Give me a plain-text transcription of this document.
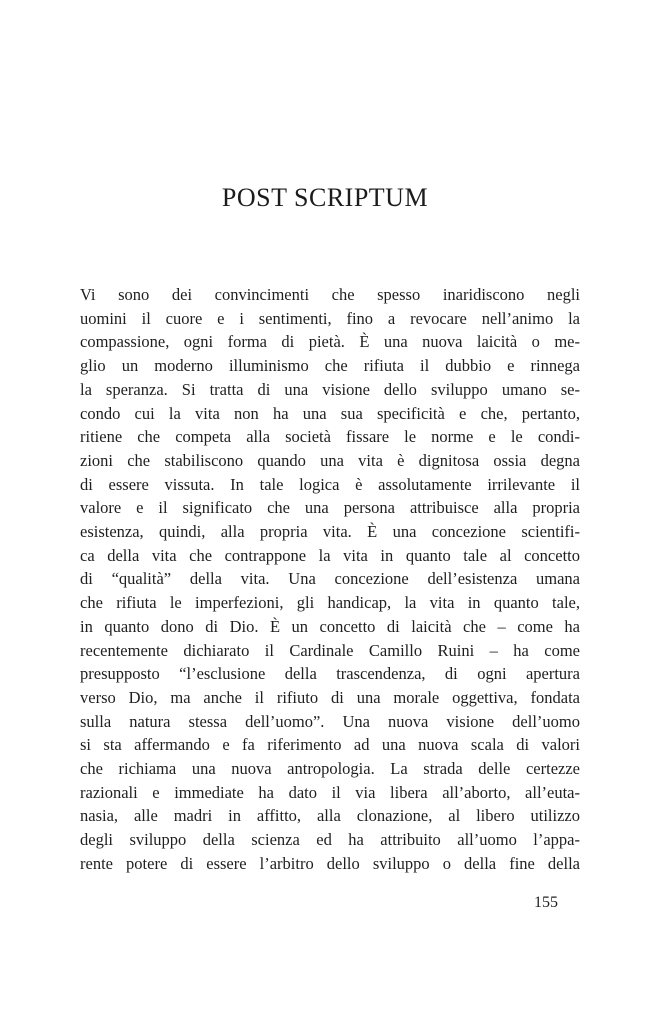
POST SCRIPTUM
Vi sono dei convincimenti che spesso inaridiscono negli
uomini il cuore e i sentimenti, fino a revocare nell’animo la
compassione, ogni forma di pietà. È una nuova laicità o me-
glio un moderno illuminismo che rifiuta il dubbio e rinnega
la speranza. Si tratta di una visione dello sviluppo umano se-
condo cui la vita non ha una sua specificità e che, pertanto,
ritiene che competa alla società fissare le norme e le condi-
zioni che stabiliscono quando una vita è dignitosa ossia degna
di essere vissuta. In tale logica è assolutamente irrilevante il
valore e il significato che una persona attribuisce alla propria
esistenza, quindi, alla propria vita. È una concezione scientifi-
ca della vita che contrappone la vita in quanto tale al concetto
di “qualità” della vita. Una concezione dell’esistenza umana
che rifiuta le imperfezioni, gli handicap, la vita in quanto tale,
in quanto dono di Dio. È un concetto di laicità che – come ha
recentemente dichiarato il Cardinale Camillo Ruini – ha come
presupposto “l’esclusione della trascendenza, di ogni apertura
verso Dio, ma anche il rifiuto di una morale oggettiva, fondata
sulla natura stessa dell’uomo”. Una nuova visione dell’uomo
si sta affermando e fa riferimento ad una nuova scala di valori
che richiama una nuova antropologia. La strada delle certezze
razionali e immediate ha dato il via libera all’aborto, all’euta-
nasia, alle madri in affitto, alla clonazione, al libero utilizzo
degli sviluppo della scienza ed ha attribuito all’uomo l’appa-
rente potere di essere l’arbitro dello sviluppo o della fine della
155
